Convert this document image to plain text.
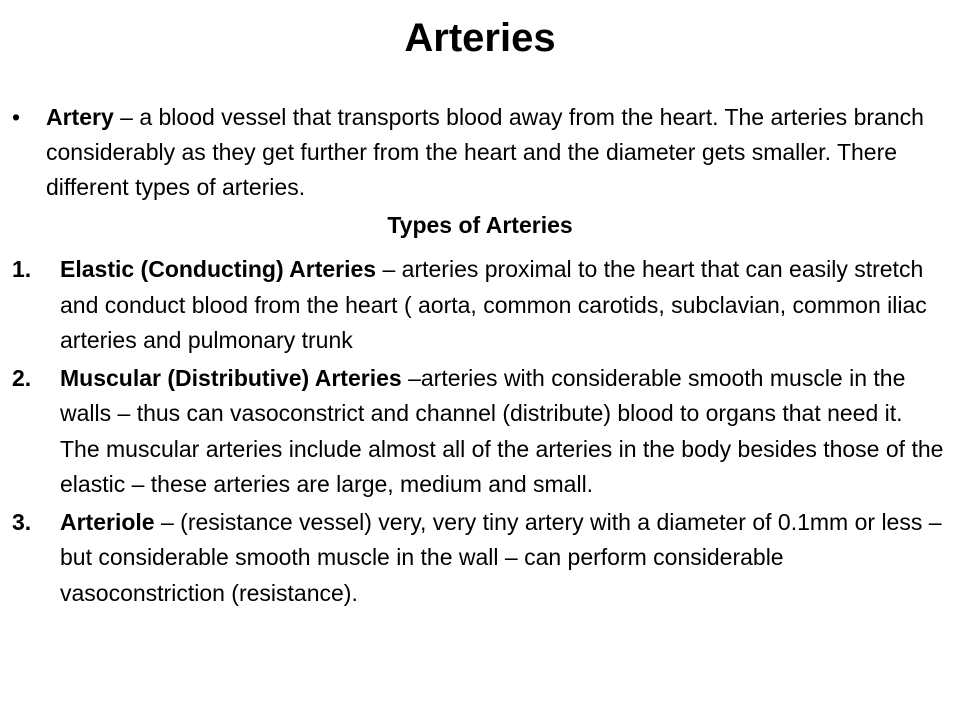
Arteries
•	Artery – a blood vessel that transports blood away from the heart. The arteries branch considerably as they get further from the heart and the diameter gets smaller. There different types of arteries.
Types of Arteries
1. Elastic (Conducting) Arteries – arteries proximal to the heart that can easily stretch and conduct blood from the heart ( aorta, common carotids, subclavian, common iliac arteries and pulmonary trunk
2. Muscular (Distributive) Arteries –arteries with considerable smooth muscle in the walls – thus can vasoconstrict and channel (distribute) blood to organs that need it. The muscular arteries include almost all of the arteries in the body besides those of the elastic – these arteries are large, medium and small.
3. Arteriole – (resistance vessel) very, very tiny artery with a diameter of 0.1mm or less – but considerable smooth muscle in the wall – can perform considerable vasoconstriction (resistance).
